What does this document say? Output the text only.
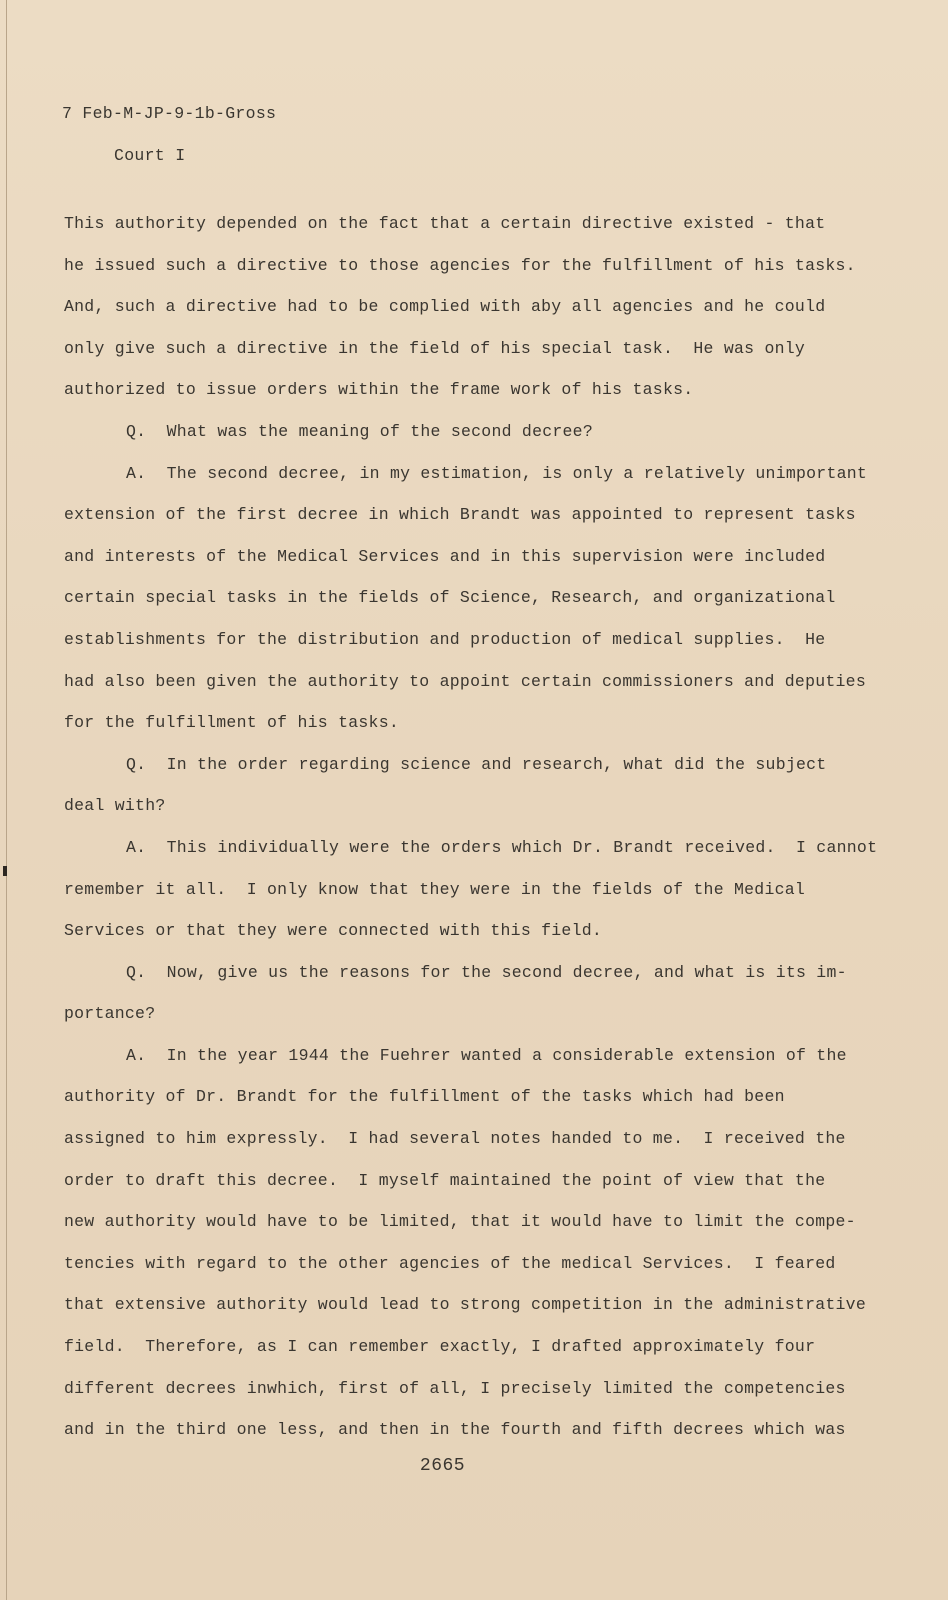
7 Feb-M-JP-9-1b-Gross
Court I
This authority depended on the fact that a certain directive existed - that
he issued such a directive to those agencies for the fulfillment of his tasks.
And, such a directive had to be complied with aby all agencies and he could
only give such a directive in the field of his special task.  He was only
authorized to issue orders within the frame work of his tasks.
Q.  What was the meaning of the second decree?
A.  The second decree, in my estimation, is only a relatively unimportant
extension of the first decree in which Brandt was appointed to represent tasks
and interests of the Medical Services and in this supervision were included
certain special tasks in the fields of Science, Research, and organizational
establishments for the distribution and production of medical supplies.  He
had also been given the authority to appoint certain commissioners and deputies
for the fulfillment of his tasks.
Q.  In the order regarding science and research, what did the subject
deal with?
A.  This individually were the orders which Dr. Brandt received.  I cannot
remember it all.  I only know that they were in the fields of the Medical
Services or that they were connected with this field.
Q.  Now, give us the reasons for the second decree, and what is its im-
portance?
A.  In the year 1944 the Fuehrer wanted a considerable extension of the
authority of Dr. Brandt for the fulfillment of the tasks which had been
assigned to him expressly.  I had several notes handed to me.  I received the
order to draft this decree.  I myself maintained the point of view that the
new authority would have to be limited, that it would have to limit the compe-
tencies with regard to the other agencies of the medical Services.  I feared
that extensive authority would lead to strong competition in the administrative
field.  Therefore, as I can remember exactly, I drafted approximately four
different decrees inwhich, first of all, I precisely limited the competencies
and in the third one less, and then in the fourth and fifth decrees which was
2665
